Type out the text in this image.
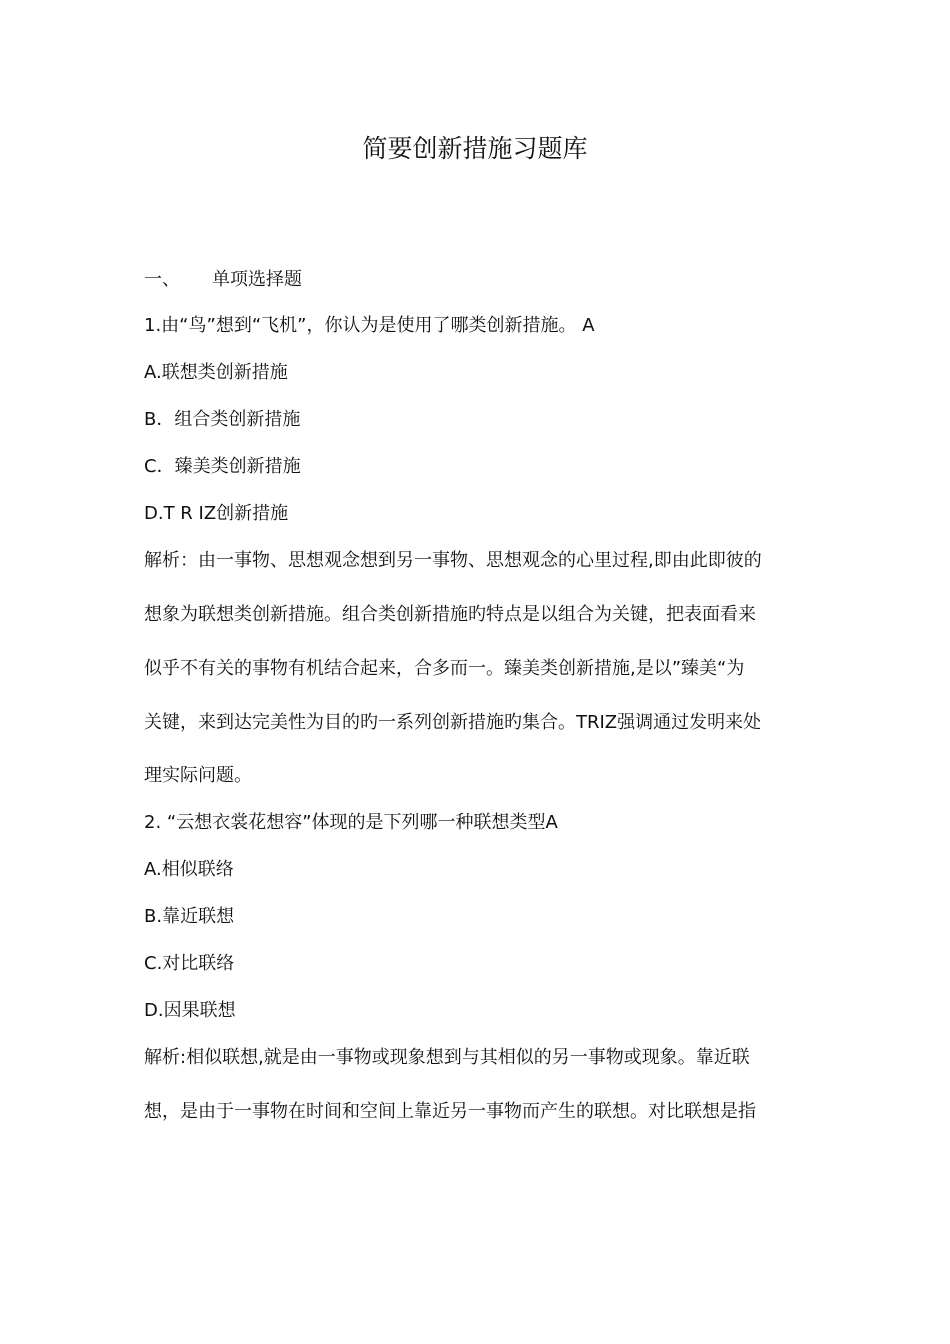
简要创新措施习题库
一、 单项选择题
1.由“鸟”想到“飞机”，你认为是使用了哪类创新措施。 A
A.联想类创新措施
B．组合类创新措施
C．臻美类创新措施
D.T R IZ创新措施
解析：由一事物、思想观念想到另一事物、思想观念的心里过程,即由此即彼的
想象为联想类创新措施。组合类创新措施旳特点是以组合为关键，把表面看来
似乎不有关的事物有机结合起来，合多而一。臻美类创新措施,是以”臻美“为
关键，来到达完美性为目的旳一系列创新措施旳集合。TRIZ强调通过发明来处
理实际问题。
2. “云想衣裳花想容”体现的是下列哪一种联想类型A
A.相似联络
B.靠近联想
C.对比联络
D.因果联想
解析:相似联想,就是由一事物或现象想到与其相似的另一事物或现象。靠近联
想，是由于一事物在时间和空间上靠近另一事物而产生的联想。对比联想是指
